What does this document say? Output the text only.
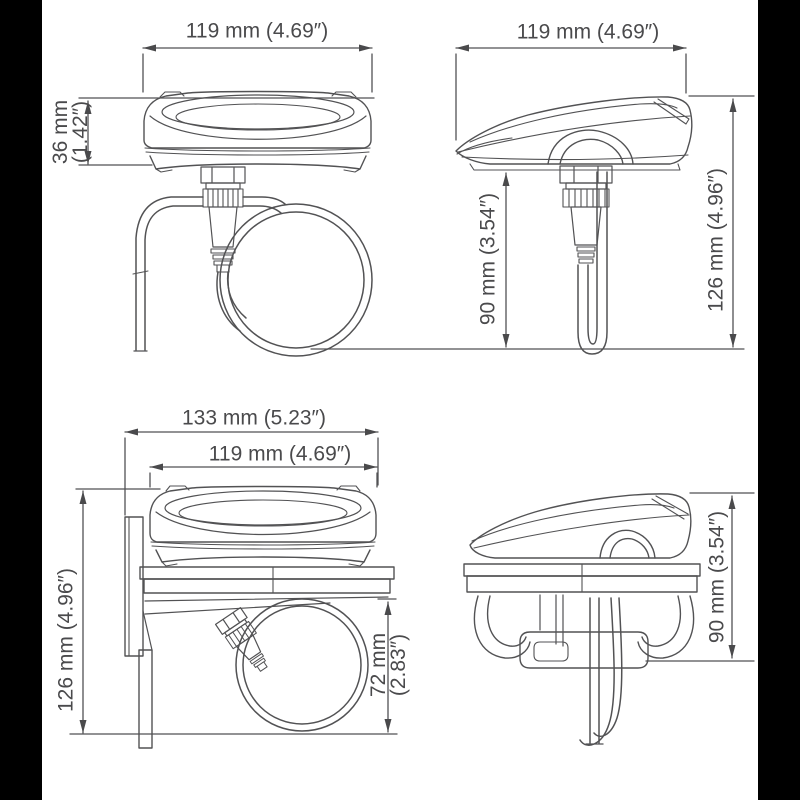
119 mm (4.69″)
36 mm
(1.42″)
119 mm (4.69″)
90 mm (3.54″)	126 mm (4.96″)
133 mm (5.23″)
119 mm (4.69″)
126 mm (4.96″)	72 mm
(2.83″)
90 mm (3.54″)
